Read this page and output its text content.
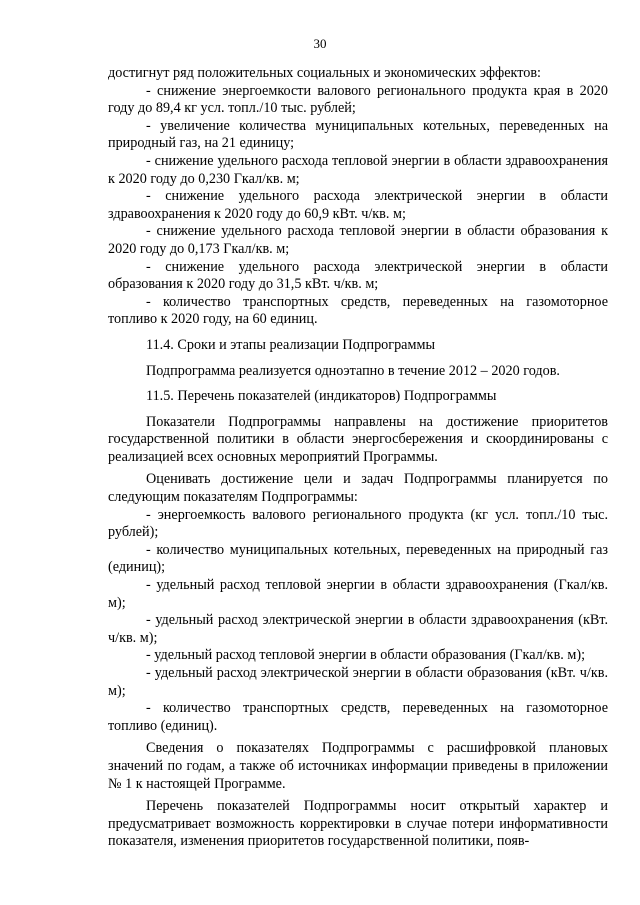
30

достигнут ряд положительных социальных и экономических эффектов:

- снижение энергоемкости валового регионального продукта края в 2020 году до 89,4 кг усл. топл./10 тыс. рублей;

- увеличение количества муниципальных котельных, переведенных на природный газ, на 21 единицу;

- снижение удельного расхода тепловой энергии в области здравоохранения к 2020 году до 0,230 Гкал/кв. м;

- снижение удельного расхода электрической энергии в области здравоохранения к 2020 году до 60,9 кВт. ч/кв. м;

- снижение удельного расхода тепловой энергии в области образования к 2020 году до 0,173 Гкал/кв. м;

- снижение удельного расхода электрической энергии в области образования к 2020 году до 31,5 кВт. ч/кв. м;

- количество транспортных средств, переведенных на газомоторное топливо к 2020 году, на 60 единиц.

11.4. Сроки и этапы реализации Подпрограммы

Подпрограмма реализуется одноэтапно в течение 2012 – 2020 годов.

11.5. Перечень показателей (индикаторов) Подпрограммы

Показатели Подпрограммы направлены на достижение приоритетов государственной политики в области энергосбережения и скоординированы с реализацией всех основных мероприятий Программы.

Оценивать достижение цели и задач Подпрограммы планируется по следующим показателям Подпрограммы:

- энергоемкость валового регионального продукта (кг усл. топл./10 тыс. рублей);

- количество муниципальных котельных, переведенных на природный газ (единиц);

- удельный расход тепловой энергии в области здравоохранения (Гкал/кв. м);

- удельный расход электрической энергии в области здравоохранения (кВт. ч/кв. м);

- удельный расход тепловой энергии в области образования (Гкал/кв. м);

- удельный расход электрической энергии в области образования (кВт. ч/кв. м);

- количество транспортных средств, переведенных на газомоторное топливо (единиц).

Сведения о показателях Подпрограммы с расшифровкой плановых значений по годам, а также об источниках информации приведены в приложении № 1 к настоящей Программе.

Перечень показателей Подпрограммы носит открытый характер и предусматривает возможность корректировки в случае потери информативности показателя, изменения приоритетов государственной политики, появ-
